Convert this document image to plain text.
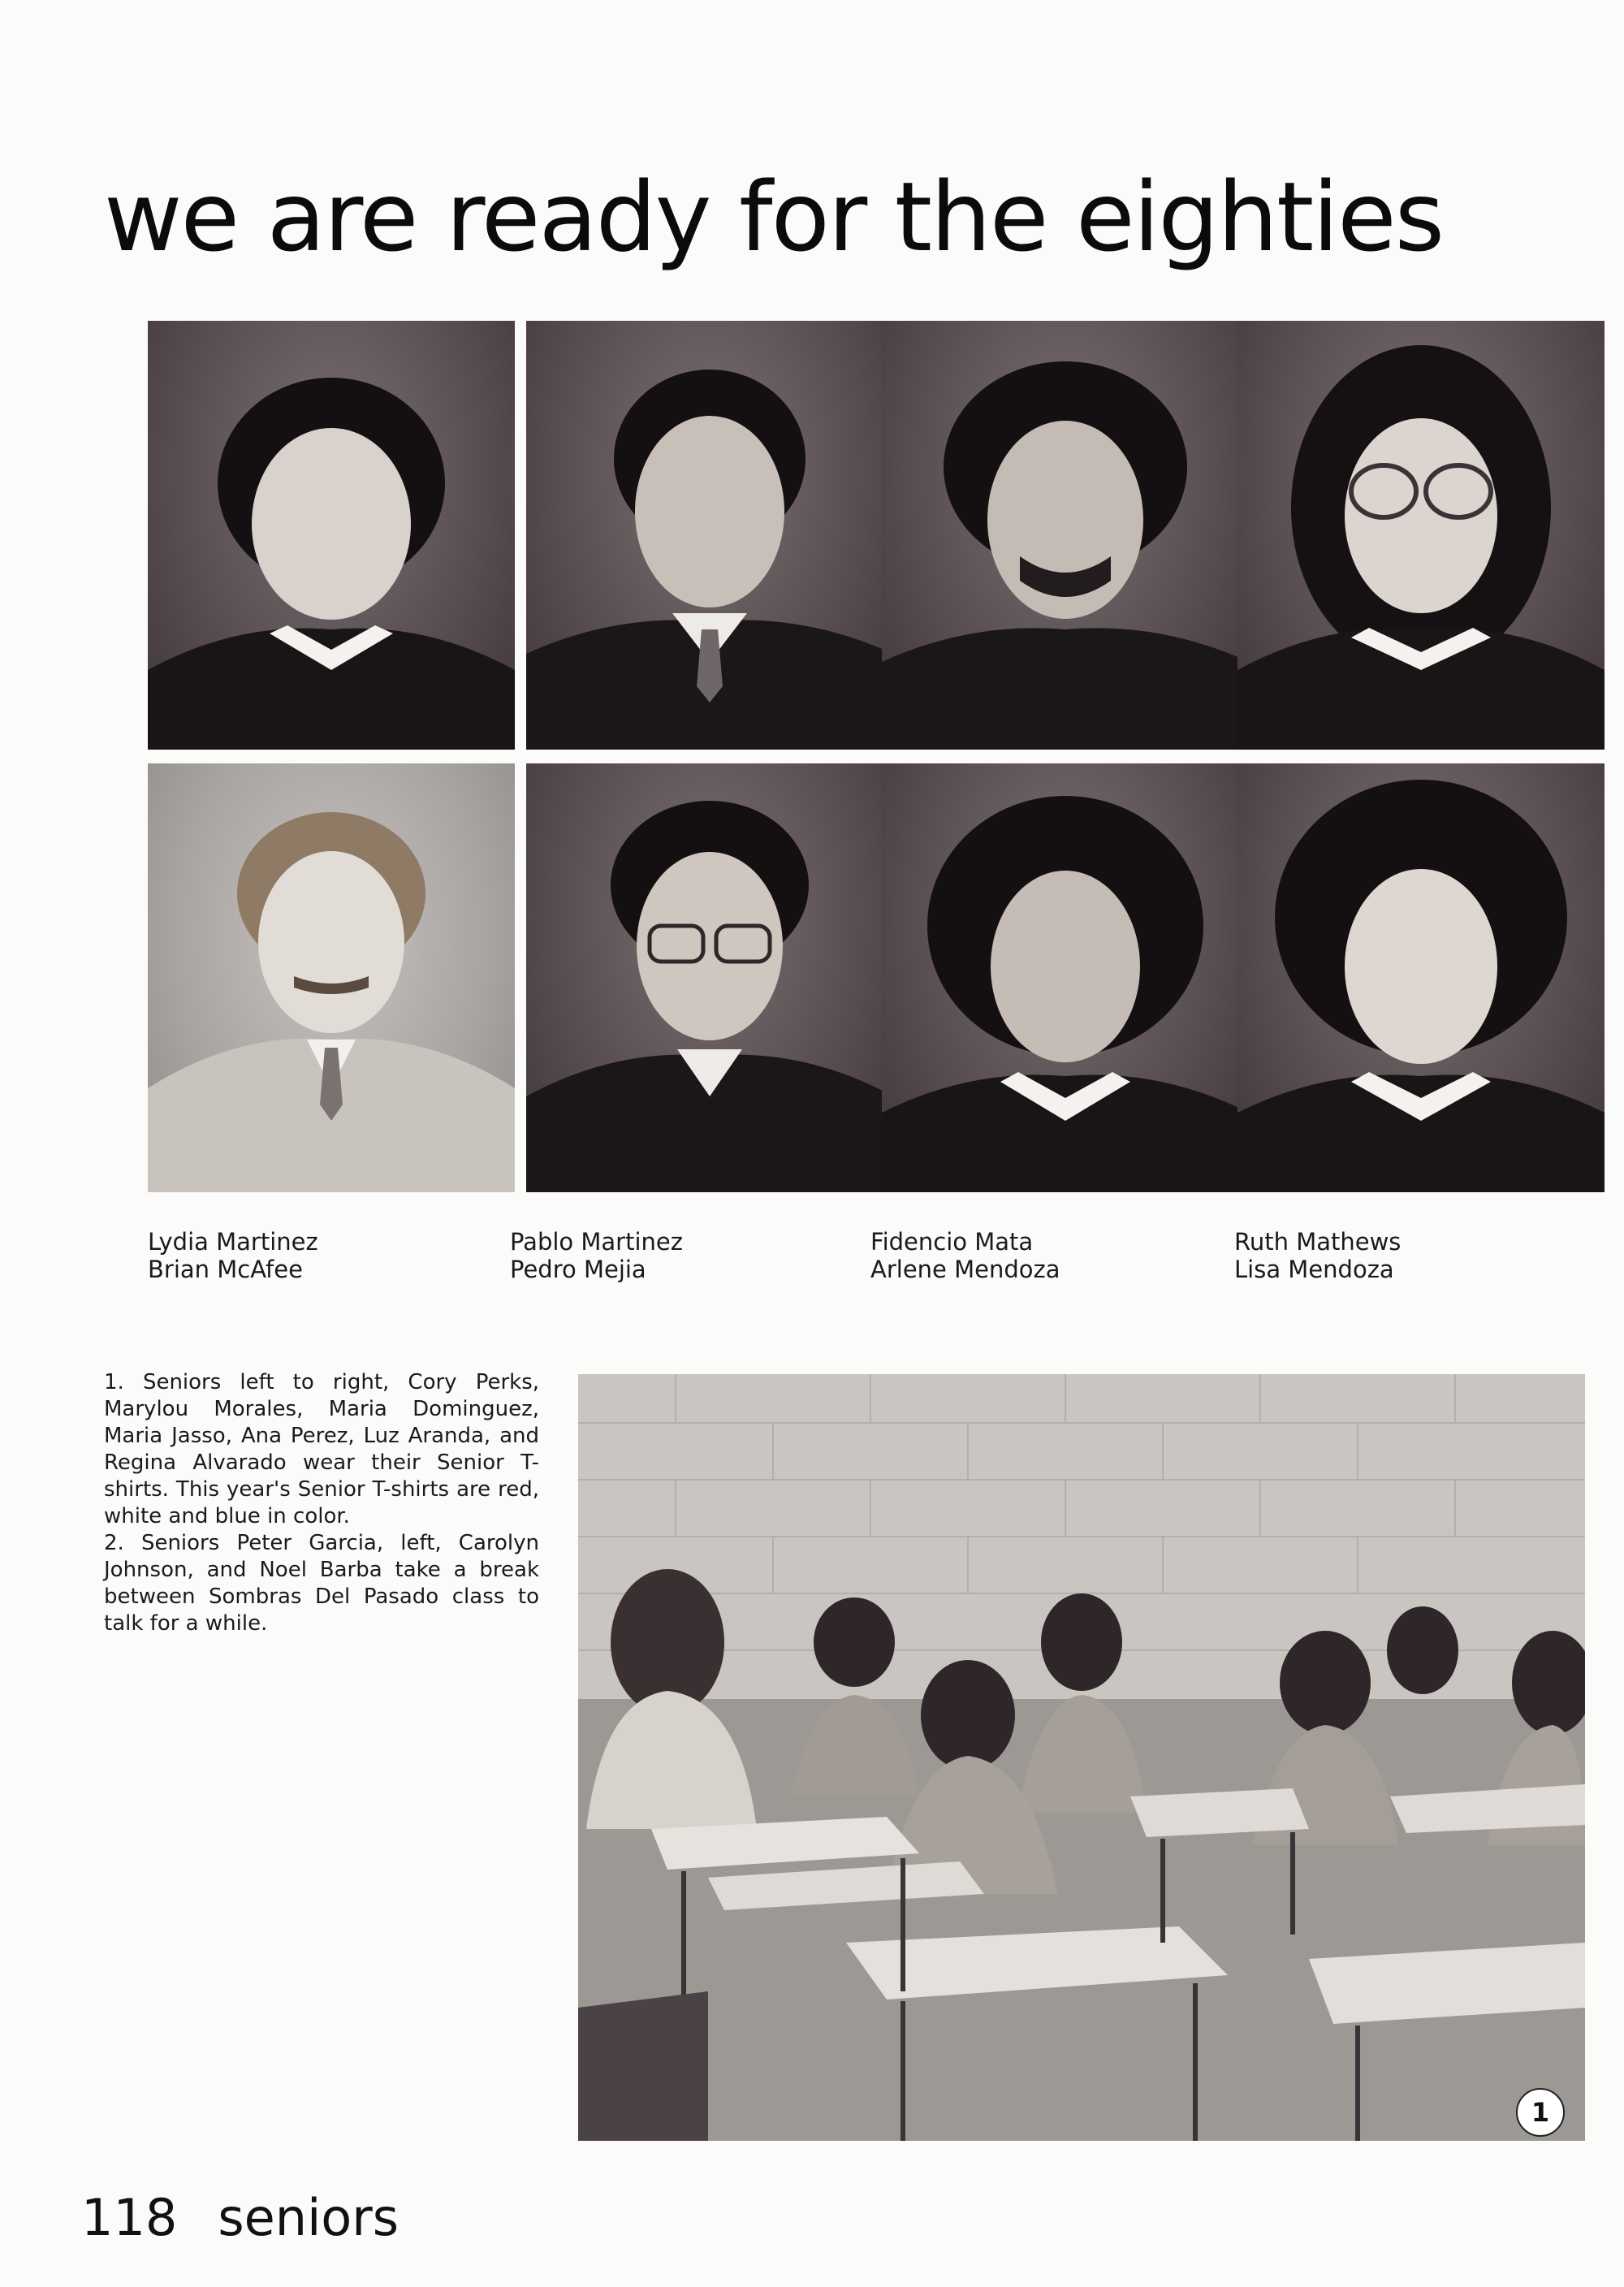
we are ready for the eighties
Lydia Martinez
Brian McAfee
Pablo Martinez
Pedro Mejia
Fidencio Mata
Arlene Mendoza
Ruth Mathews
Lisa Mendoza

1. Seniors left to right, Cory Perks, Marylou Morales, Maria Dominguez, Maria Jasso, Ana Perez, Luz Aranda, and Regina Alvarado wear their Senior T-shirts. This year's Senior T-shirts are red, white and blue in color.

2. Seniors Peter Garcia, left, Carolyn Johnson, and Noel Barba take a break between Sombras Del Pasado class to talk for a while.

1
118 seniors
